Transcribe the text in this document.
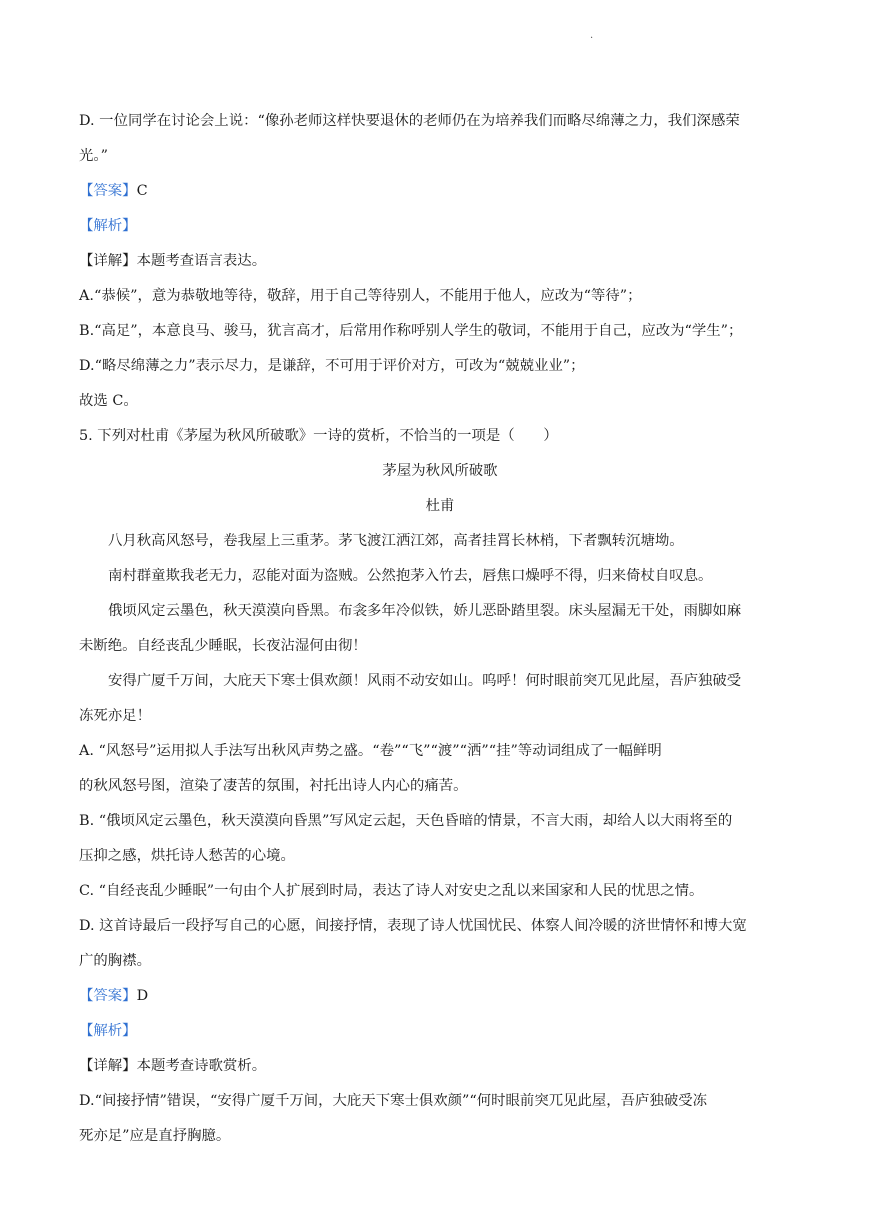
.

D. 一位同学在讨论会上说：“像孙老师这样快要退休的老师仍在为培养我们而略尽绵薄之力，我们深感荣

光。”

【答案】C

【解析】

【详解】本题考查语言表达。

A.“恭候”，意为恭敬地等待，敬辞，用于自己等待别人，不能用于他人，应改为“等待”；

B.“高足”，本意良马、骏马，犹言高才，后常用作称呼别人学生的敬词，不能用于自己，应改为“学生”；

D.“略尽绵薄之力”表示尽力，是谦辞，不可用于评价对方，可改为“兢兢业业”；

故选 C。

5. 下列对杜甫《茅屋为秋风所破歌》一诗的赏析，不恰当的一项是（　　）

茅屋为秋风所破歌

杜甫

八月秋高风怒号，卷我屋上三重茅。茅飞渡江洒江郊，高者挂罥长林梢，下者飘转沉塘坳。

南村群童欺我老无力，忍能对面为盗贼。公然抱茅入竹去，唇焦口燥呼不得，归来倚杖自叹息。

俄顷风定云墨色，秋天漠漠向昏黑。布衾多年冷似铁，娇儿恶卧踏里裂。床头屋漏无干处，雨脚如麻

未断绝。自经丧乱少睡眠，长夜沾湿何由彻！

安得广厦千万间，大庇天下寒士俱欢颜！风雨不动安如山。呜呼！何时眼前突兀见此屋，吾庐独破受

冻死亦足！

A. “风怒号”运用拟人手法写出秋风声势之盛。“卷”“飞”“渡”“洒”“挂”等动词组成了一幅鲜明

的秋风怒号图，渲染了凄苦的氛围，衬托出诗人内心的痛苦。

B. “俄顷风定云墨色，秋天漠漠向昏黑”写风定云起，天色昏暗的情景，不言大雨，却给人以大雨将至的

压抑之感，烘托诗人愁苦的心境。

C. “自经丧乱少睡眠”一句由个人扩展到时局，表达了诗人对安史之乱以来国家和人民的忧思之情。

D. 这首诗最后一段抒写自己的心愿，间接抒情，表现了诗人忧国忧民、体察人间冷暖的济世情怀和博大宽

广的胸襟。

【答案】D

【解析】

【详解】本题考查诗歌赏析。

D.“间接抒情”错误，“安得广厦千万间，大庇天下寒士俱欢颜”“何时眼前突兀见此屋，吾庐独破受冻

死亦足”应是直抒胸臆。
